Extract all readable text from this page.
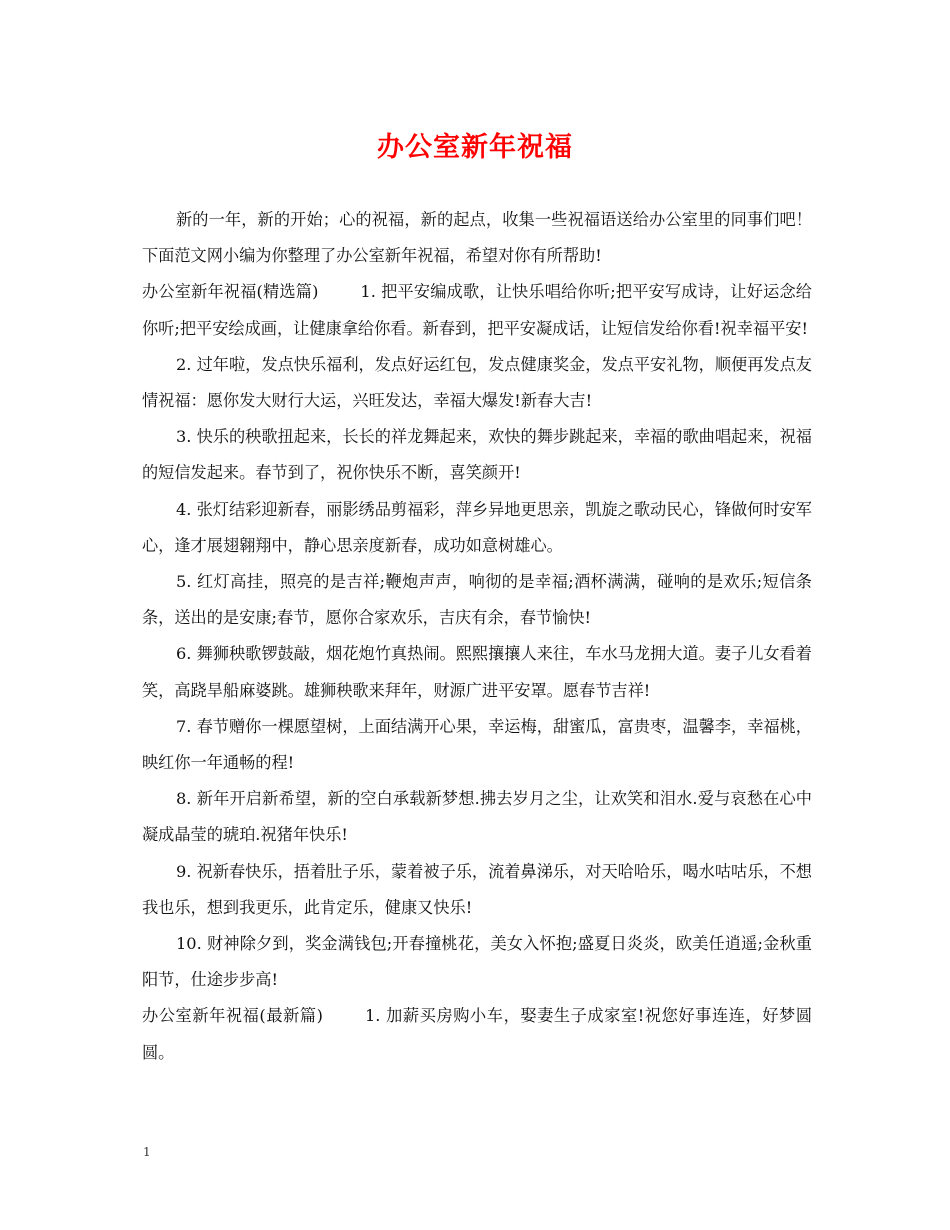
办公室新年祝福

新的一年，新的开始；心的祝福，新的起点，收集一些祝福语送给办公室里的同事们吧！下面范文网小编为你整理了办公室新年祝福，希望对你有所帮助!

办公室新年祝福(精选篇)	1. 把平安编成歌，让快乐唱给你听;把平安写成诗，让好运念给你听;把平安绘成画，让健康拿给你看。新春到，把平安凝成话，让短信发给你看!祝幸福平安!

2. 过年啦，发点快乐福利，发点好运红包，发点健康奖金，发点平安礼物，顺便再发点友情祝福：愿你发大财行大运，兴旺发达，幸福大爆发!新春大吉!

3. 快乐的秧歌扭起来，长长的祥龙舞起来，欢快的舞步跳起来，幸福的歌曲唱起来，祝福的短信发起来。春节到了，祝你快乐不断，喜笑颜开!

4. 张灯结彩迎新春，丽影绣品剪福彩，萍乡异地更思亲，凯旋之歌动民心，锋做何时安军心，逢才展翅翱翔中，静心思亲度新春，成功如意树雄心。

5. 红灯高挂，照亮的是吉祥;鞭炮声声，响彻的是幸福;酒杯满满，碰响的是欢乐;短信条条，送出的是安康;春节，愿你合家欢乐，吉庆有余，春节愉快!

6. 舞狮秧歌锣鼓敲，烟花炮竹真热闹。熙熙攘攘人来往，车水马龙拥大道。妻子儿女看着笑，高跷旱船麻婆跳。雄狮秧歌来拜年，财源广进平安罩。愿春节吉祥!

7. 春节赠你一棵愿望树，上面结满开心果，幸运梅，甜蜜瓜，富贵枣，温馨李，幸福桃，映红你一年通畅的程!

8. 新年开启新希望，新的空白承载新梦想.拂去岁月之尘，让欢笑和泪水.爱与哀愁在心中凝成晶莹的琥珀.祝猪年快乐!

9. 祝新春快乐，捂着肚子乐，蒙着被子乐，流着鼻涕乐，对天哈哈乐，喝水咕咕乐，不想我也乐，想到我更乐，此肯定乐，健康又快乐!

10. 财神除夕到，奖金满钱包;开春撞桃花，美女入怀抱;盛夏日炎炎，欧美任逍遥;金秋重阳节，仕途步步高!

办公室新年祝福(最新篇)	1. 加薪买房购小车，娶妻生子成家室!祝您好事连连，好梦圆圆。

1
